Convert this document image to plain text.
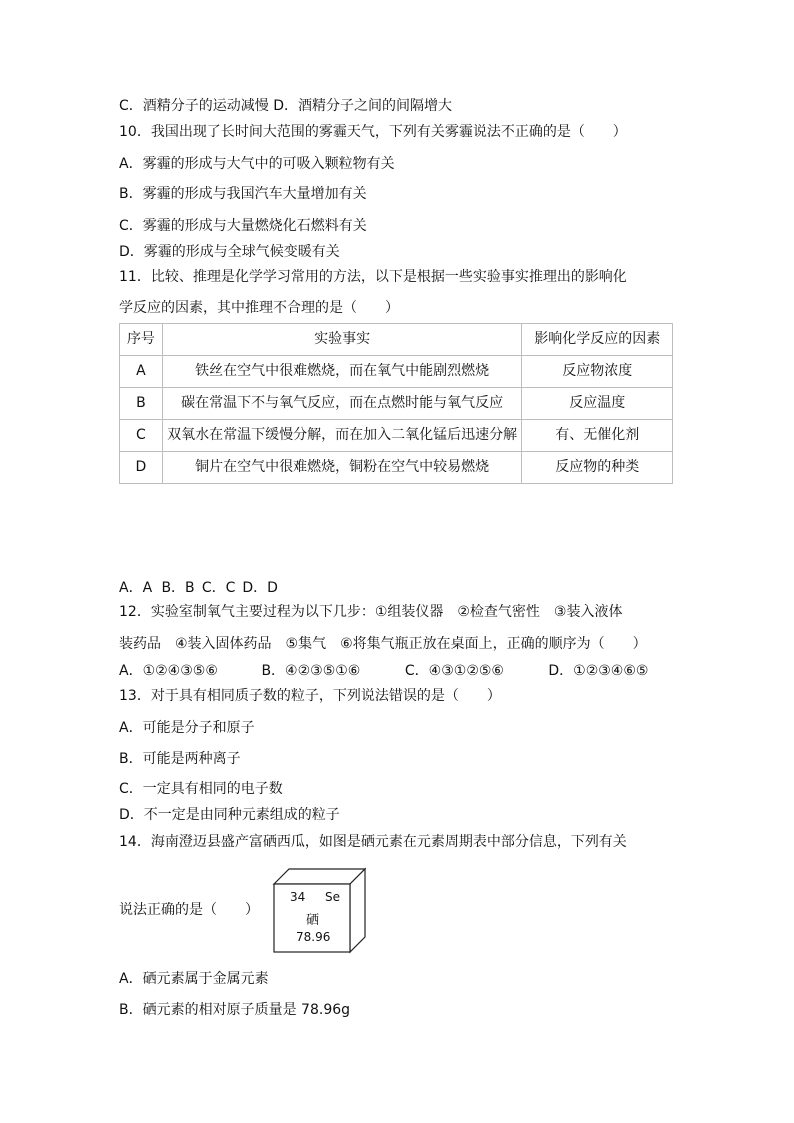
C．酒精分子的运动减慢 D．酒精分子之间的间隔增大
10．我国出现了长时间大范围的雾霾天气，下列有关雾霾说法不正确的是（　　）
A．雾霾的形成与大气中的可吸入颗粒物有关
B．雾霾的形成与我国汽车大量增加有关
C．雾霾的形成与大量燃烧化石燃料有关
D．雾霾的形成与全球气候变暖有关
11．比较、推理是化学学习常用的方法，以下是根据一些实验事实推理出的影响化
学反应的因素，其中推理不合理的是（　　）
序号	实验事实	影响化学反应的因素
A	铁丝在空气中很难燃烧，而在氧气中能剧烈燃烧	反应物浓度
B	碳在常温下不与氧气反应，而在点燃时能与氧气反应	反应温度
C	双氧水在常温下缓慢分解，而在加入二氧化锰后迅速分解	有、无催化剂
D	铜片在空气中很难燃烧，铜粉在空气中较易燃烧	反应物的种类
A．A B．B C．C D．D
12．实验室制氧气主要过程为以下几步：①组装仪器　②检查气密性　③装入液体
装药品　④装入固体药品　⑤集气　⑥将集气瓶正放在桌面上，正确的顺序为（　　）
A．①②④③⑤⑥	B．④②③⑤①⑥	C．④③①②⑤⑥	D．①②③④⑥⑤
13．对于具有相同质子数的粒子，下列说法错误的是（　　）
A．可能是分子和原子
B．可能是两种离子
C．一定具有相同的电子数
D．不一定是由同种元素组成的粒子
14．海南澄迈县盛产富硒西瓜，如图是硒元素在元素周期表中部分信息，下列有关
说法正确的是（　　）
34 Se
硒
78.96
A．硒元素属于金属元素
B．硒元素的相对原子质量是 78.96g
